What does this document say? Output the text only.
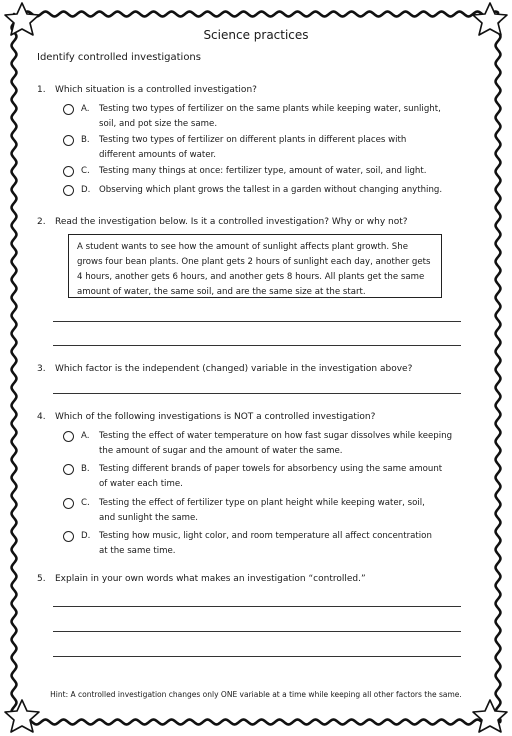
Science practices
Identify controlled investigations
1. Which situation is a controlled investigation?
A. Testing two types of fertilizer on the same plants while keeping water, sunlight,
soil, and pot size the same.
B. Testing two types of fertilizer on different plants in different places with
different amounts of water.
C. Testing many things at once: fertilizer type, amount of water, soil, and light.
D. Observing which plant grows the tallest in a garden without changing anything.
2. Read the investigation below. Is it a controlled investigation? Why or why not?
A student wants to see how the amount of sunlight affects plant growth. She grows four bean plants. One plant gets 2 hours of sunlight each day, another gets 4 hours, another gets 6 hours, and another gets 8 hours. All plants get the same amount of water, the same soil, and are the same size at the start.
3. Which factor is the independent (changed) variable in the investigation above?
4. Which of the following investigations is NOT a controlled investigation?
A. Testing the effect of water temperature on how fast sugar dissolves while keeping
the amount of sugar and the amount of water the same.
B. Testing different brands of paper towels for absorbency using the same amount
of water each time.
C. Testing the effect of fertilizer type on plant height while keeping water, soil,
and sunlight the same.
D. Testing how music, light color, and room temperature all affect concentration
at the same time.
5. Explain in your own words what makes an investigation “controlled.”
Hint: A controlled investigation changes only ONE variable at a time while keeping all other factors the same.
